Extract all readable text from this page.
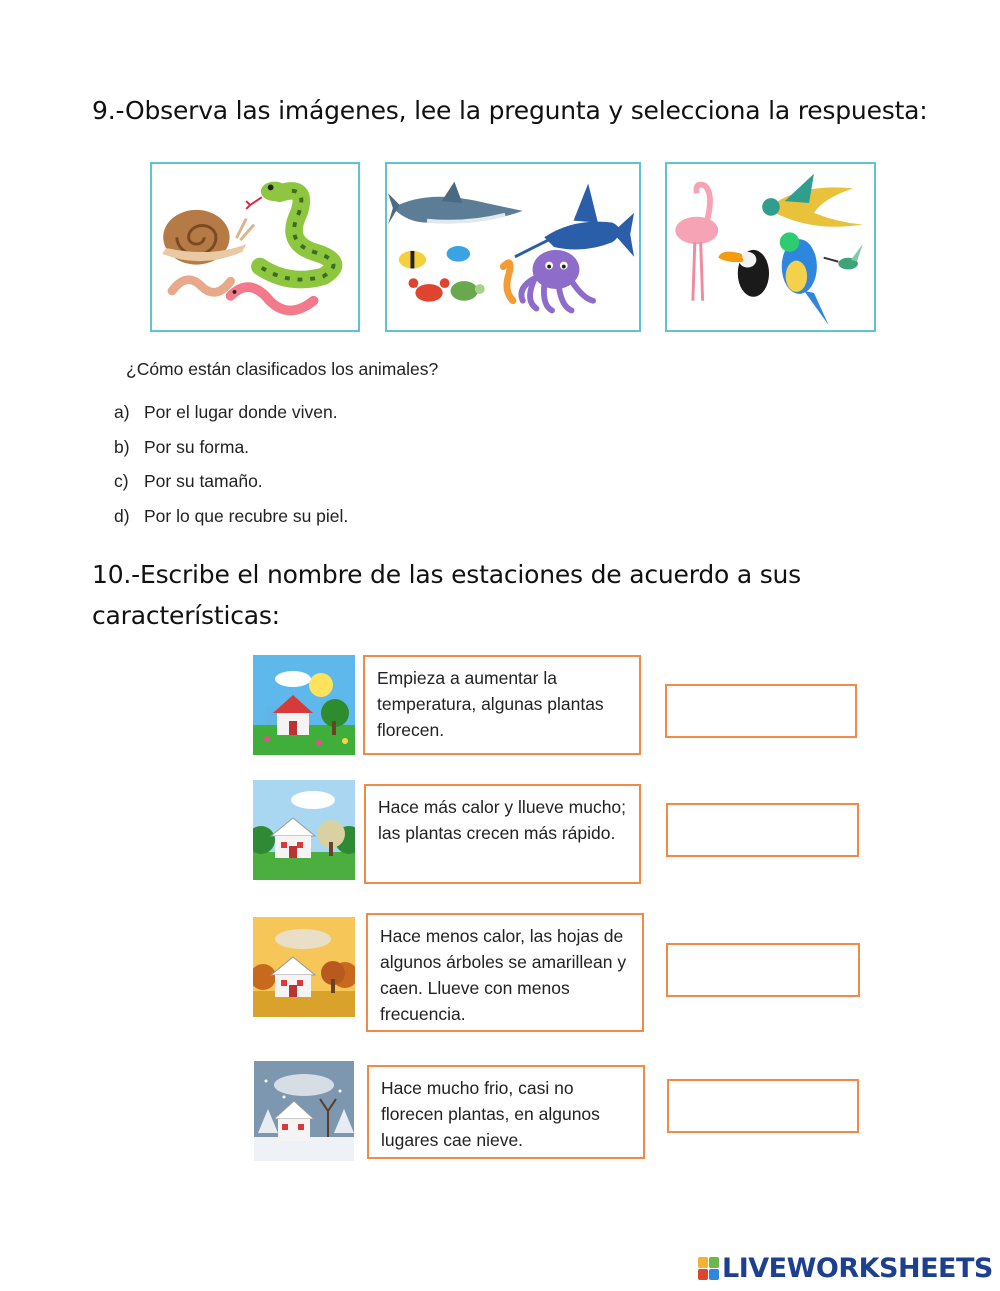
9.-Observa las imágenes, lee la pregunta y selecciona la respuesta:
¿Cómo están clasificados los animales?
a) Por el lugar donde viven.
b) Por su forma.
c) Por su tamaño.
d) Por lo que recubre su piel.
10.-Escribe el nombre de las estaciones de acuerdo a sus características:
Empieza a aumentar la temperatura, algunas plantas florecen.
Hace más calor y llueve mucho; las plantas crecen más rápido.
Hace menos calor, las hojas de algunos árboles se amarillean y caen. Llueve con menos frecuencia.
Hace mucho frio, casi no florecen plantas, en algunos lugares cae nieve.
LIVEWORKSHEETS
